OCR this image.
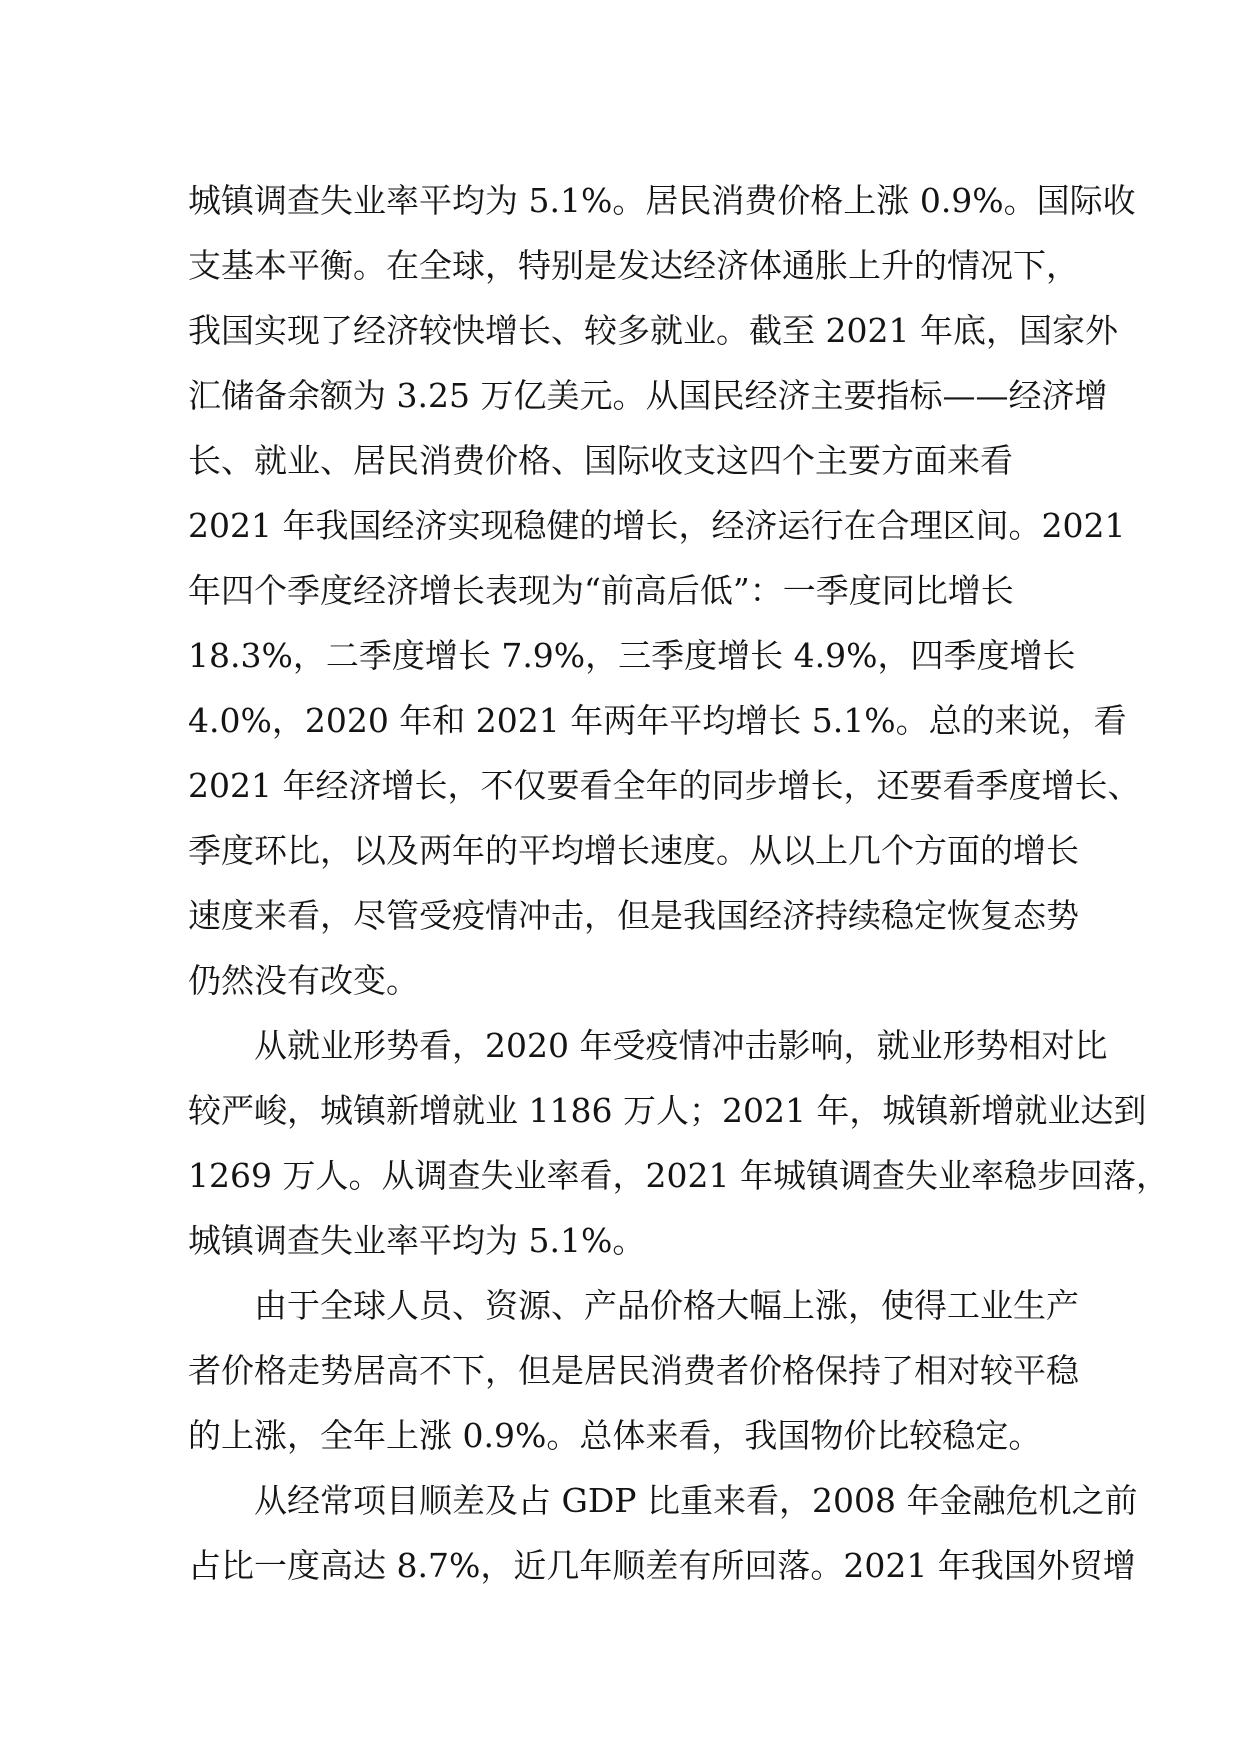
城镇调查失业率平均为 5.1%。居民消费价格上涨 0.9%。国际收
支基本平衡。在全球，特别是发达经济体通胀上升的情况下，
我国实现了经济较快增长、较多就业。截至 2021 年底，国家外
汇储备余额为 3.25 万亿美元。从国民经济主要指标——经济增
长、就业、居民消费价格、国际收支这四个主要方面来看
2021 年我国经济实现稳健的增长，经济运行在合理区间。2021
年四个季度经济增长表现为“前高后低”：一季度同比增长
18.3%，二季度增长 7.9%，三季度增长 4.9%，四季度增长
4.0%，2020 年和 2021 年两年平均增长 5.1%。总的来说，看
2021 年经济增长，不仅要看全年的同步增长，还要看季度增长、
季度环比，以及两年的平均增长速度。从以上几个方面的增长
速度来看，尽管受疫情冲击，但是我国经济持续稳定恢复态势
仍然没有改变。

　　从就业形势看，2020 年受疫情冲击影响，就业形势相对比
较严峻，城镇新增就业 1186 万人；2021 年，城镇新增就业达到
1269 万人。从调查失业率看，2021 年城镇调查失业率稳步回落，
城镇调查失业率平均为 5.1%。

　　由于全球人员、资源、产品价格大幅上涨，使得工业生产
者价格走势居高不下，但是居民消费者价格保持了相对较平稳
的上涨，全年上涨 0.9%。总体来看，我国物价比较稳定。

　　从经常项目顺差及占 GDP 比重来看，2008 年金融危机之前
占比一度高达 8.7%，近几年顺差有所回落。2021 年我国外贸增
